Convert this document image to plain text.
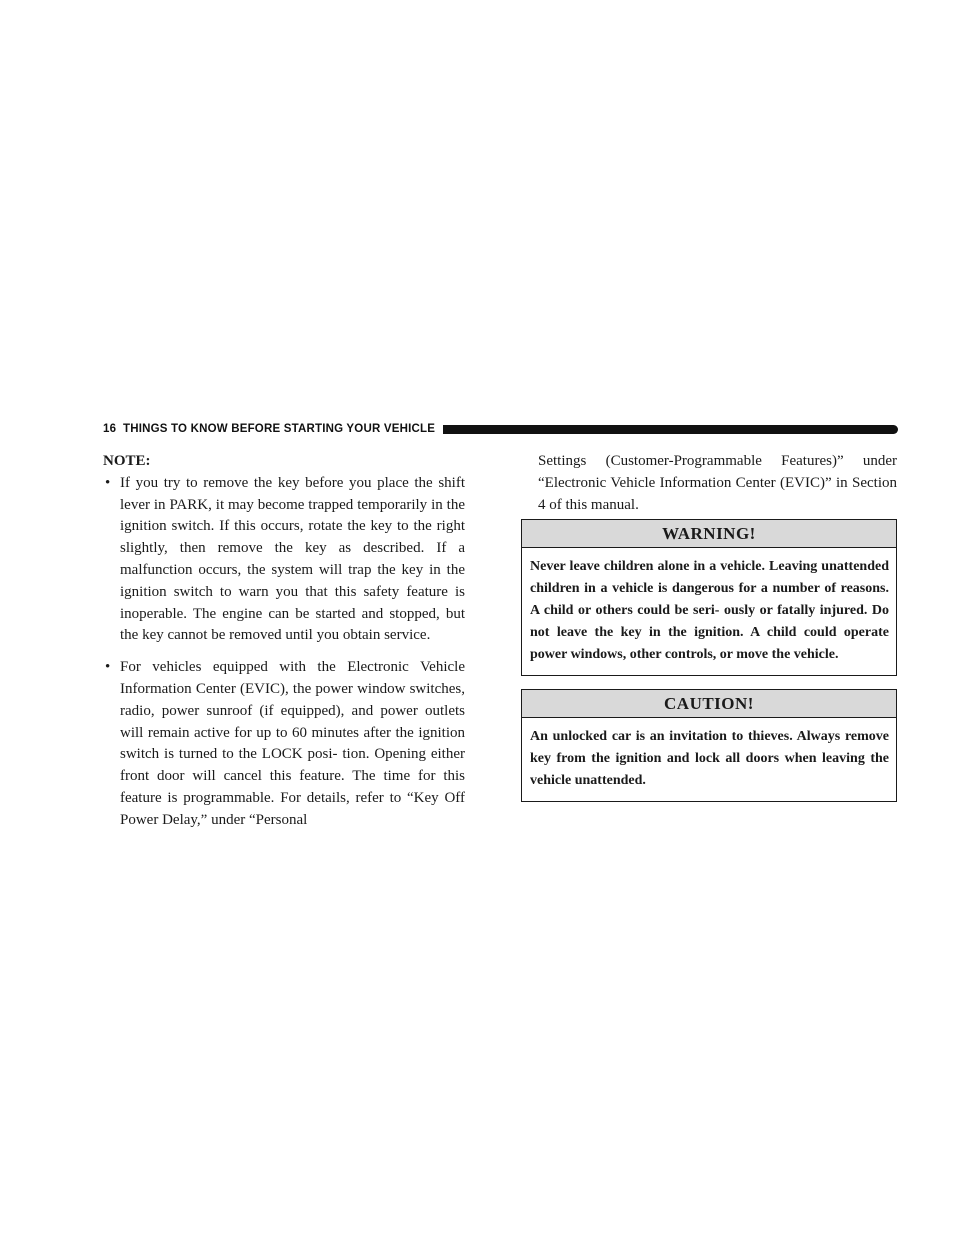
16 THINGS TO KNOW BEFORE STARTING YOUR VEHICLE

NOTE:

• If you try to remove the key before you place the shift lever in PARK, it may become trapped temporarily in the ignition switch. If this occurs, rotate the key to the right slightly, then remove the key as described. If a malfunction occurs, the system will trap the key in the ignition switch to warn you that this safety feature is inoperable. The engine can be started and stopped, but the key cannot be removed until you obtain service.
• For vehicles equipped with the Electronic Vehicle Information Center (EVIC), the power window switches, radio, power sunroof (if equipped), and power outlets will remain active for up to 60 minutes after the ignition switch is turned to the LOCK posi- tion. Opening either front door will cancel this feature. The time for this feature is programmable. For details, refer to “Key Off Power Delay,” under “Personal

Settings (Customer-Programmable Features)” under “Electronic Vehicle Information Center (EVIC)” in Section 4 of this manual.

WARNING!
Never leave children alone in a vehicle. Leaving unattended children in a vehicle is dangerous for a number of reasons. A child or others could be seri- ously or fatally injured. Do not leave the key in the ignition. A child could operate power windows, other controls, or move the vehicle.
CAUTION!
An unlocked car is an invitation to thieves. Always remove key from the ignition and lock all doors when leaving the vehicle unattended.
